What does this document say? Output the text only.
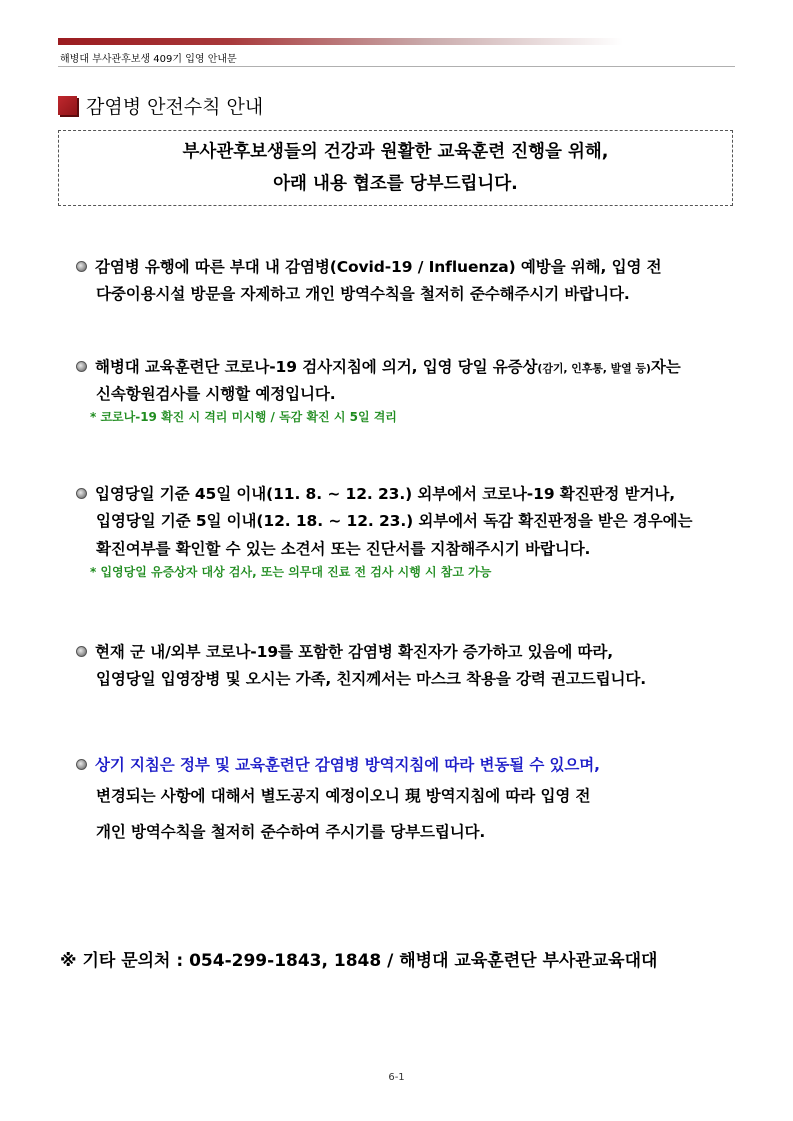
해병대 부사관후보생 409기 입영 안내문
감염병 안전수칙 안내
부사관후보생들의 건강과 원활한 교육훈련 진행을 위해,
아래 내용 협조를 당부드립니다.
감염병 유행에 따른 부대 내 감염병(Covid-19 / Influenza) 예방을 위해, 입영 전
다중이용시설 방문을 자제하고 개인 방역수칙을 철저히 준수해주시기 바랍니다.
해병대 교육훈련단 코로나-19 검사지침에 의거, 입영 당일 유증상(감기, 인후통, 발열 등)자는
신속항원검사를 시행할 예정입니다.
* 코로나-19 확진 시 격리 미시행 / 독감 확진 시 5일 격리
입영당일 기준 45일 이내(11. 8. ~ 12. 23.) 외부에서 코로나-19 확진판정 받거나,
입영당일 기준 5일 이내(12. 18. ~ 12. 23.) 외부에서 독감 확진판정을 받은 경우에는
확진여부를 확인할 수 있는 소견서 또는 진단서를 지참해주시기 바랍니다.
* 입영당일 유증상자 대상 검사, 또는 의무대 진료 전 검사 시행 시 참고 가능
현재 군 내/외부 코로나-19를 포함한 감염병 확진자가 증가하고 있음에 따라,
입영당일 입영장병 및 오시는 가족, 친지께서는 마스크 착용을 강력 권고드립니다.
상기 지침은 정부 및 교육훈련단 감염병 방역지침에 따라 변동될 수 있으며,
변경되는 사항에 대해서 별도공지 예정이오니 現 방역지침에 따라 입영 전
개인 방역수칙을 철저히 준수하여 주시기를 당부드립니다.
※ 기타 문의처 : 054-299-1843, 1848 / 해병대 교육훈련단 부사관교육대대
6-1
